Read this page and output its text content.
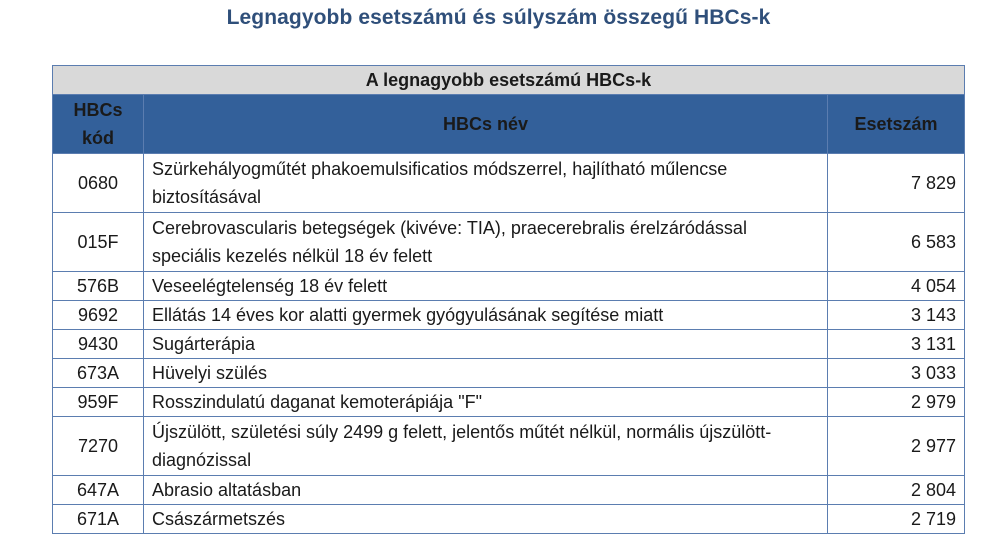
Legnagyobb esetszámú és súlyszám összegű HBCs-k
A legnagyobb esetszámú HBCs-k		
HBCs kód	HBCs név	Esetszám
0680	Szürkehályogműtét phakoemulsificatios módszerrel, hajlítható műlencse biztosításával	7 829
015F	Cerebrovascularis betegségek (kivéve: TIA), praecerebralis érelzáródással speciális kezelés nélkül 18 év felett	6 583
576B	Veseelégtelenség 18 év felett	4 054
9692	Ellátás 14 éves kor alatti gyermek gyógyulásának segítése miatt	3 143
9430	Sugárterápia	3 131
673A	Hüvelyi szülés	3 033
959F	Rosszindulatú daganat kemoterápiája "F"	2 979
7270	Újszülött, születési súly 2499 g felett, jelentős műtét nélkül, normális újszülött-diagnózissal	2 977
647A	Abrasio altatásban	2 804
671A	Császármetszés	2 719
